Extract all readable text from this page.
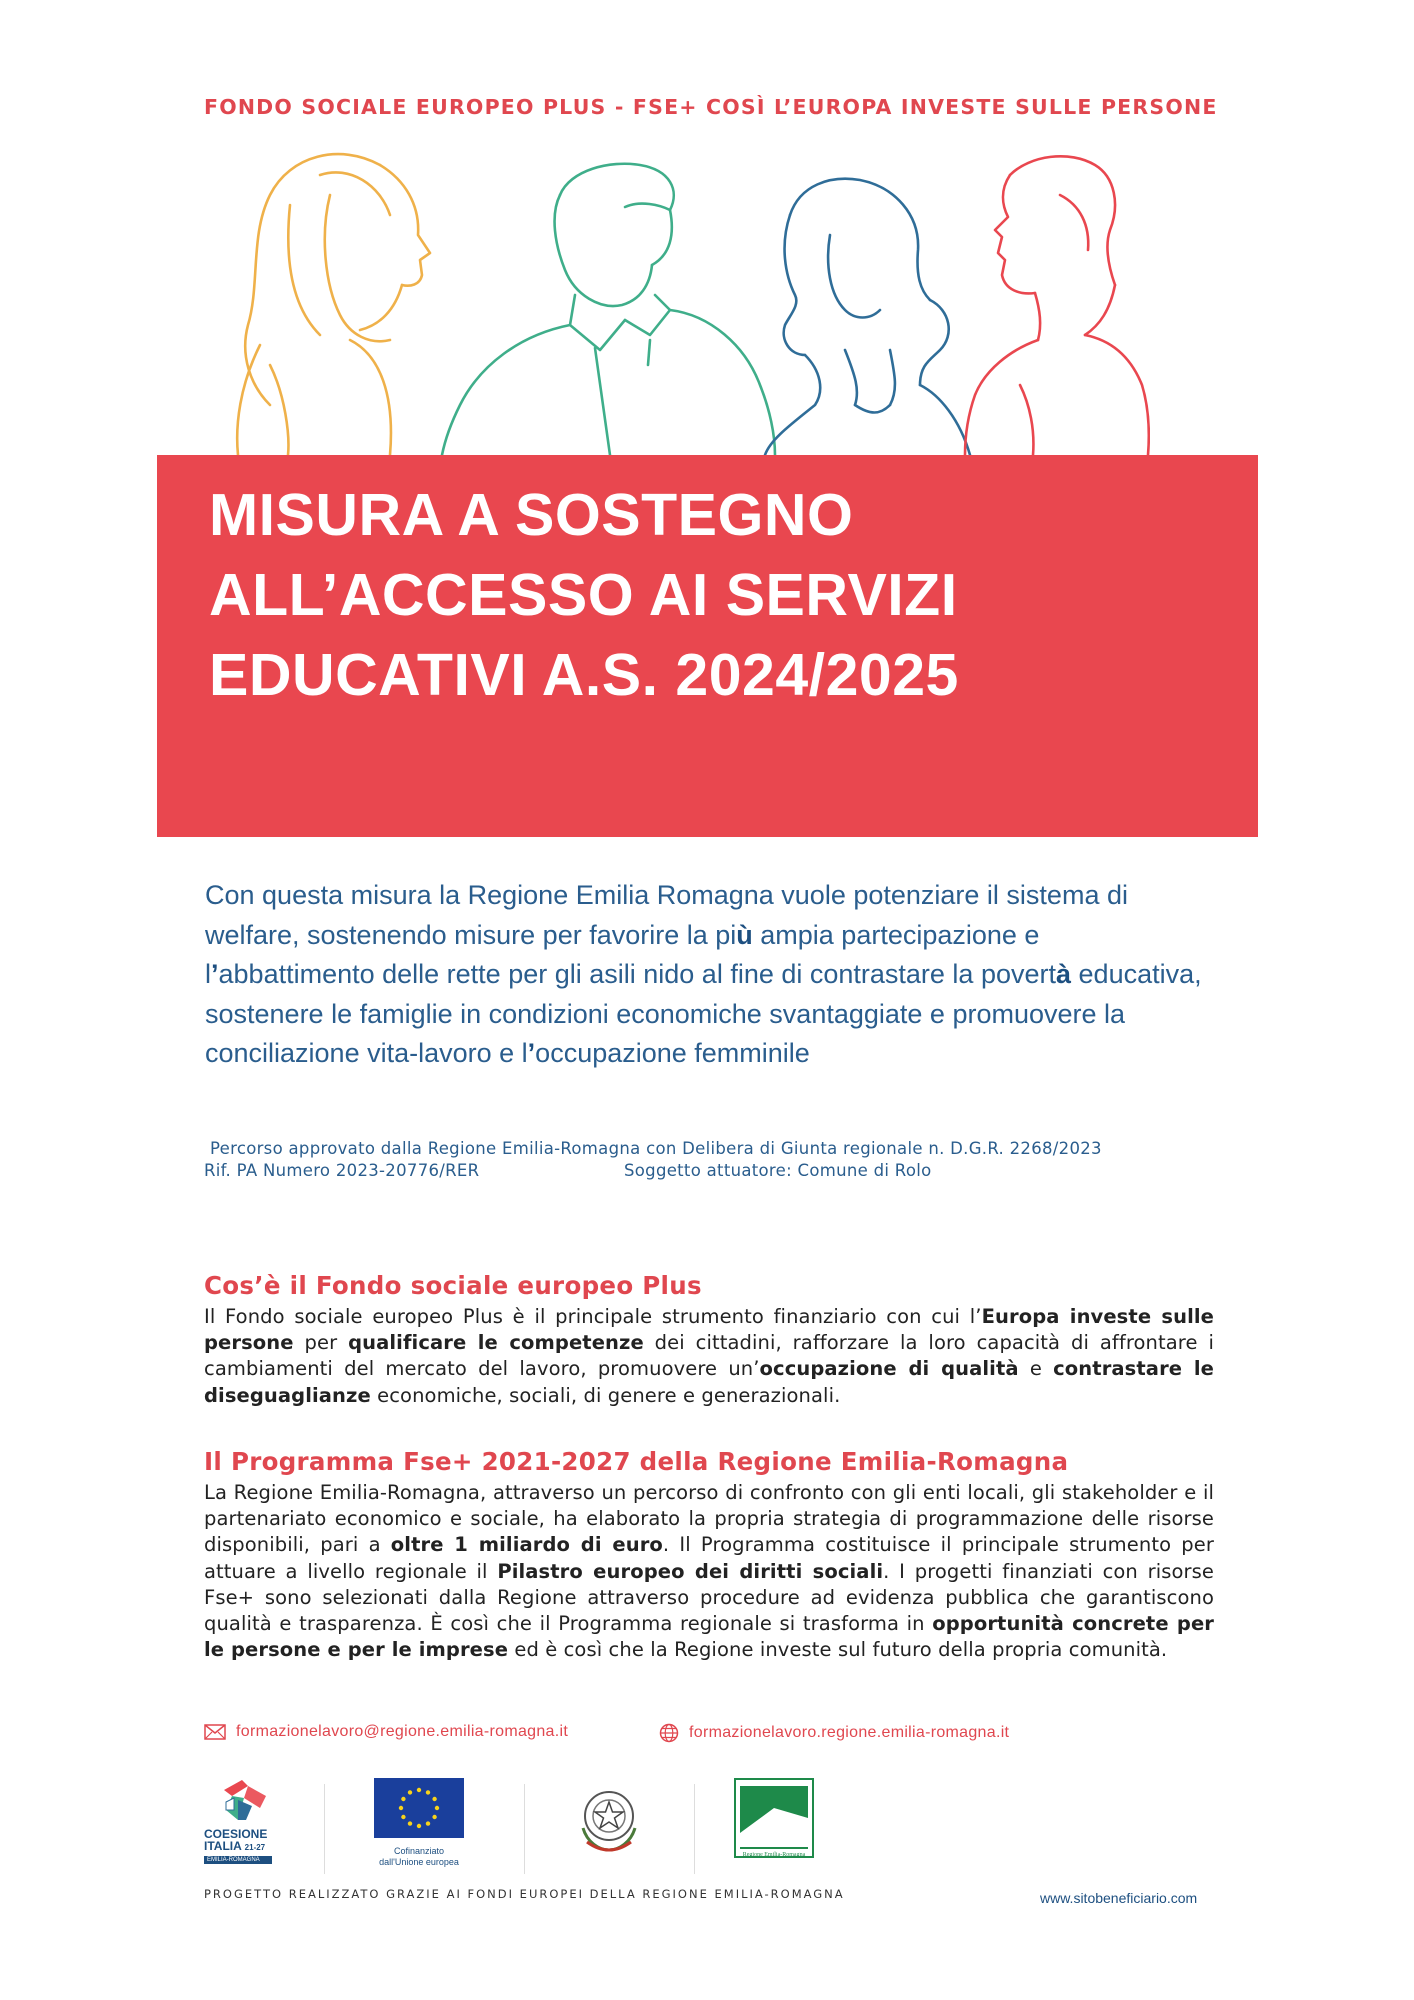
FONDO SOCIALE EUROPEO PLUS - FSE+ COSÌ L’EUROPA INVESTE SULLE PERSONE
MISURA A SOSTEGNO
ALL’ACCESSO AI SERVIZI
EDUCATIVI A.S. 2024/2025

Con questa misura la Regione Emilia Romagna vuole potenziare il sistema di welfare, sostenendo misure per favorire la più ampia partecipazione e
l’abbattimento delle rette per gli asili nido al fine di contrastare la povertà educativa, sostenere le famiglie in condizioni economiche svantaggiate e promuovere la conciliazione vita-lavoro e l’occupazione femminile

Percorso approvato dalla Regione Emilia-Romagna con Delibera di Giunta regionale n. D.G.R. 2268/2023
Rif. PA Numero 2023-20776/RER	Soggetto attuatore: Comune di Rolo
Cos’è il Fondo sociale europeo Plus

Il Fondo sociale europeo Plus è il principale strumento finanziario con cui l’Europa investe sulle persone per qualificare le competenze dei cittadini, rafforzare la loro capacità di affrontare i cambiamenti del mercato del lavoro, promuovere un’occupazione di qualità e contrastare le diseguaglianze economiche, sociali, di genere e generazionali.

Il Programma Fse+ 2021-2027 della Regione Emilia-Romagna

La Regione Emilia-Romagna, attraverso un percorso di confronto con gli enti locali, gli stakeholder e il partenariato economico e sociale, ha elaborato la propria strategia di programmazione delle risorse disponibili, pari a oltre 1 miliardo di euro. Il Programma costituisce il principale strumento per attuare a livello regionale il Pilastro europeo dei diritti sociali. I progetti finanziati con risorse Fse+ sono selezionati dalla Regione attraverso procedure ad evidenza pubblica che garantiscono qualità e trasparenza. È così che il Programma regionale si trasforma in opportunità concrete per le persone e per le imprese ed è così che la Regione investe sul futuro della propria comunità.

formazionelavoro@regione.emilia-romagna.it	formazionelavoro.regione.emilia-romagna.it
COESIONE
ITALIA 21-27
EMILIA-ROMAGNA
Cofinanziato
dall'Unione europea
Regione Emilia-Romagna
PROGETTO REALIZZATO GRAZIE AI FONDI EUROPEI DELLA REGIONE EMILIA-ROMAGNA	www.sitobeneficiario.com
